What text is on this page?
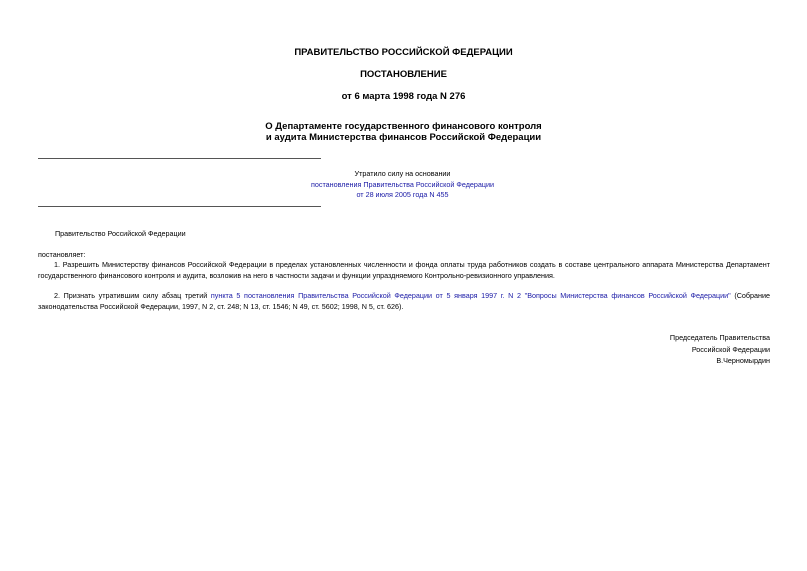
ПРАВИТЕЛЬСТВО РОССИЙСКОЙ ФЕДЕРАЦИИ
ПОСТАНОВЛЕНИЕ
от 6 марта 1998 года N 276
О Департаменте государственного финансового контроля
и аудита Министерства финансов Российской Федерации
Утратило силу на основании
постановления Правительства Российской Федерации
от 28 июля 2005 года N 455
Правительство Российской Федерации
постановляет:
1. Разрешить Министерству финансов Российской Федерации в пределах установленных численности и фонда оплаты труда работников создать в составе центрального аппарата Министерства Департамент государственного финансового контроля и аудита, возложив на него в частности задачи и функции упраздняемого Контрольно-ревизионного управления.
2. Признать утратившим силу абзац третий пункта 5 постановления Правительства Российской Федерации от 5 января 1997 г. N 2 "Вопросы Министерства финансов Российской Федерации" (Собрание законодательства Российской Федерации, 1997, N 2, ст. 248; N 13, ст. 1546; N 49, ст. 5602; 1998, N 5, ст. 626).
Председатель Правительства
Российской Федерации
В.Черномырдин
